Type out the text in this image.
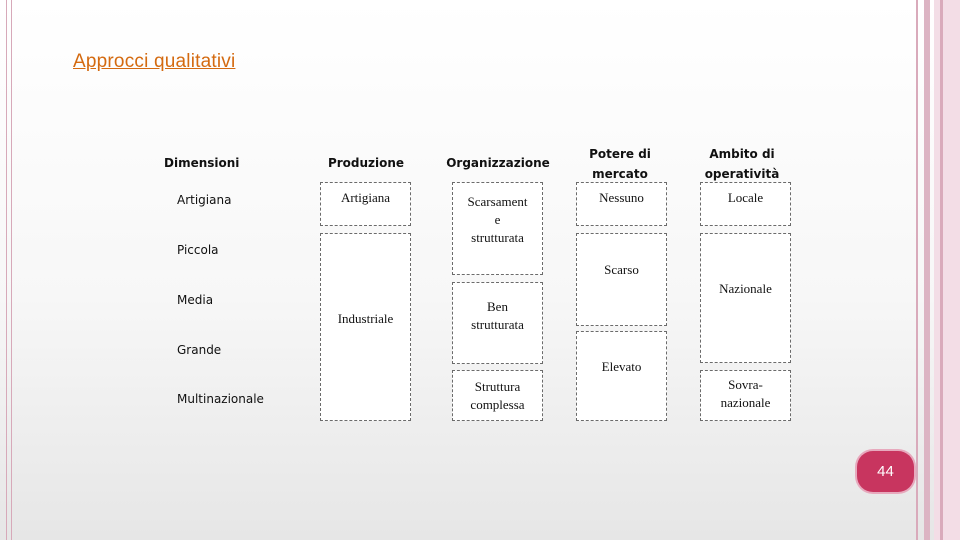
Approcci qualitativi
Dimensioni	Produzione	Organizzazione
Potere di
mercato
Ambito di
operatività
Artigiana
Piccola
Media
Grande
Multinazionale
Artigiana
Industriale
Scarsament
e
strutturata
Ben
strutturata
Struttura
complessa
Nessuno
Scarso
Elevato
Locale
Nazionale
Sovra-
nazionale
44
